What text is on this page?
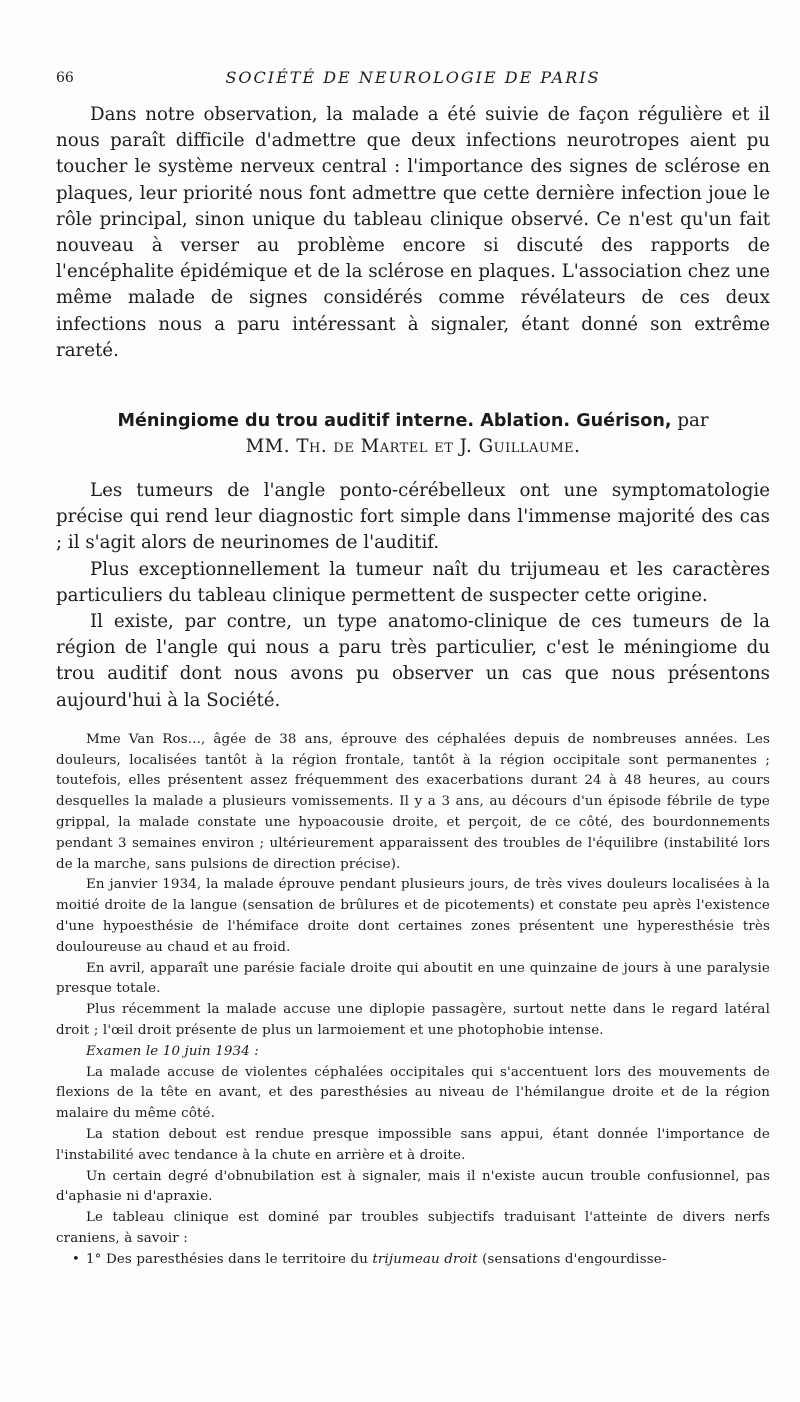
66	SOCIÉTÉ DE NEUROLOGIE DE PARIS

Dans notre observation, la malade a été suivie de façon régulière et il nous paraît difficile d'admettre que deux infections neurotropes aient pu toucher le système nerveux central : l'importance des signes de sclérose en plaques, leur priorité nous font admettre que cette dernière infection joue le rôle principal, sinon unique du tableau clinique observé. Ce n'est qu'un fait nouveau à verser au problème encore si discuté des rapports de l'encéphalite épidémique et de la sclérose en plaques. L'association chez une même malade de signes considérés comme révélateurs de ces deux infections nous a paru intéressant à signaler, étant donné son extrême rareté.

Méningiome du trou auditif interne. Ablation. Guérison, par
MM. Th. de Martel et J. Guillaume.

Les tumeurs de l'angle ponto-cérébelleux ont une symptomatologie précise qui rend leur diagnostic fort simple dans l'immense majorité des cas ; il s'agit alors de neurinomes de l'auditif.

Plus exceptionnellement la tumeur naît du trijumeau et les caractères particuliers du tableau clinique permettent de suspecter cette origine.

Il existe, par contre, un type anatomo-clinique de ces tumeurs de la région de l'angle qui nous a paru très particulier, c'est le méningiome du trou auditif dont nous avons pu observer un cas que nous présentons aujourd'hui à la Société.

Mme Van Ros..., âgée de 38 ans, éprouve des céphalées depuis de nombreuses années. Les douleurs, localisées tantôt à la région frontale, tantôt à la région occipitale sont permanentes ; toutefois, elles présentent assez fréquemment des exacerbations durant 24 à 48 heures, au cours desquelles la malade a plusieurs vomissements. Il y a 3 ans, au décours d'un épisode fébrile de type grippal, la malade constate une hypoacousie droite, et perçoit, de ce côté, des bourdonnements pendant 3 semaines environ ; ultérieurement apparaissent des troubles de l'équilibre (instabilité lors de la marche, sans pulsions de direction précise).

En janvier 1934, la malade éprouve pendant plusieurs jours, de très vives douleurs localisées à la moitié droite de la langue (sensation de brûlures et de picotements) et constate peu après l'existence d'une hypoesthésie de l'hémiface droite dont certaines zones présentent une hyperesthésie très douloureuse au chaud et au froid.

En avril, apparaît une parésie faciale droite qui aboutit en une quinzaine de jours à une paralysie presque totale.

Plus récemment la malade accuse une diplopie passagère, surtout nette dans le regard latéral droit ; l'œil droit présente de plus un larmoiement et une photophobie intense.

Examen le 10 juin 1934 :

La malade accuse de violentes céphalées occipitales qui s'accentuent lors des mouvements de flexions de la tête en avant, et des paresthésies au niveau de l'hémilangue droite et de la région malaire du même côté.

La station debout est rendue presque impossible sans appui, étant donnée l'importance de l'instabilité avec tendance à la chute en arrière et à droite.

Un certain degré d'obnubilation est à signaler, mais il n'existe aucun trouble confusionnel, pas d'aphasie ni d'apraxie.

Le tableau clinique est dominé par troubles subjectifs traduisant l'atteinte de divers nerfs craniens, à savoir :

• 1° Des paresthésies dans le territoire du trijumeau droit (sensations d'engourdisse-
